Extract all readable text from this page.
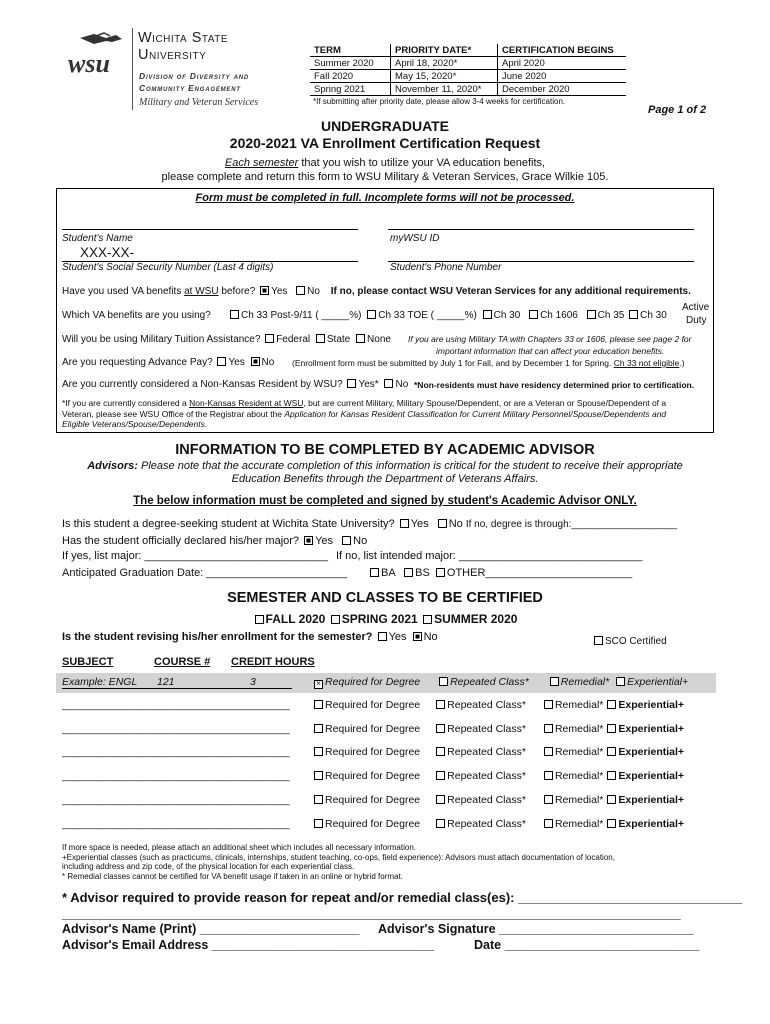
wsu
Wichita State
University
Division of Diversity and
Community Engagement
Military and Veteran Services
TERM	PRIORITY DATE*	CERTIFICATION BEGINS
Summer 2020	April 18, 2020*	April 2020
Fall 2020	May 15, 2020*	June 2020
Spring 2021	November 11, 2020*	December 2020
*If submitting after priority date, please allow 3-4 weeks for certification.
Page 1 of 2
UNDERGRADUATE
2020-2021 VA Enrollment Certification Request
Each semester that you wish to utilize your VA education benefits,
please complete and return this form to WSU Military & Veteran Services, Grace Wilkie 105.
Form must be completed in full. Incomplete forms will not be processed.
Student's Name	myWSU ID
XXX-XX-
Student's Social Security Number (Last 4 digits)	Student's Phone Number
Have you used VA benefits at WSU before? Yes No If no, please contact WSU Veteran Services for any additional requirements.
Which VA benefits are you using?	Ch 33 Post-9/11 ( _____%) Ch 33 TOE ( _____%) Ch 30 Ch 1606 Ch 35 Ch 30
Active
Duty
Will you be using Military Tuition Assistance? Federal State None If you are using Military TA with Chapters 33 or 1606, please see page 2 for
important information that can affect your education benefits.
Are you requesting Advance Pay? Yes No (Enrollment form must be submitted by July 1 for Fall, and by December 1 for Spring. Ch 33 not eligible.)
Are you currently considered a Non-Kansas Resident by WSU? Yes* No *Non-residents must have residency determined prior to certification.
*If you are currently considered a Non-Kansas Resident at WSU, but are current Military, Military Spouse/Dependent, or are a Veteran or Spouse/Dependent of a
Veteran, please see WSU Office of the Registrar about the Application for Kansas Resident Classification for Current Military Personnel/Spouse/Dependents and
Eligible Veterans/Spouse/Dependents.
INFORMATION TO BE COMPLETED BY ACADEMIC ADVISOR
Advisors: Please note that the accurate completion of this information is critical for the student to receive their appropriate
Education Benefits through the Department of Veterans Affairs.
The below information must be completed and signed by student's Academic Advisor ONLY.
Is this student a degree-seeking student at Wichita State University? Yes No If no, degree is through:___________________
Has the student officially declared his/her major? Yes No
If yes, list major: ______________________________ If no, list intended major: ______________________________
Anticipated Graduation Date: _______________________	BA BS OTHER________________________
SEMESTER AND CLASSES TO BE CERTIFIED
FALL 2020 SPRING 2021 SUMMER 2020
Is the student revising his/her enrollment for the semester? Yes No	SCO Certified
SUBJECT	COURSE # CREDIT HOURS
Example: ENGL 121	3	× Required for Degree	Repeated Class*	Remedial* Experiential+
_______________________________________	Required for Degree	Repeated Class*	Remedial* Experiential+
_______________________________________	Required for Degree	Repeated Class*	Remedial* Experiential+
_______________________________________	Required for Degree	Repeated Class*	Remedial* Experiential+
_______________________________________	Required for Degree	Repeated Class*	Remedial* Experiential+
_______________________________________	Required for Degree	Repeated Class*	Remedial* Experiential+
_______________________________________	Required for Degree	Repeated Class*	Remedial* Experiential+
If more space is needed, please attach an additional sheet which includes all necessary information.
+Experiential classes (such as practicums, clinicals, internships, student teaching, co-ops, field experience): Advisors must attach documentation of location,
including address and zip code, of the physical location for each experiential class.
* Remedial classes cannot be certified for VA benefit usage if taken in an online or hybrid format.
* Advisor required to provide reason for repeat and/or remedial class(es): _______________________________
_________________________________________________________________________________________
Advisor's Name (Print) _______________________ Advisor's Signature ____________________________
Advisor's Email Address ________________________________	Date ____________________________
